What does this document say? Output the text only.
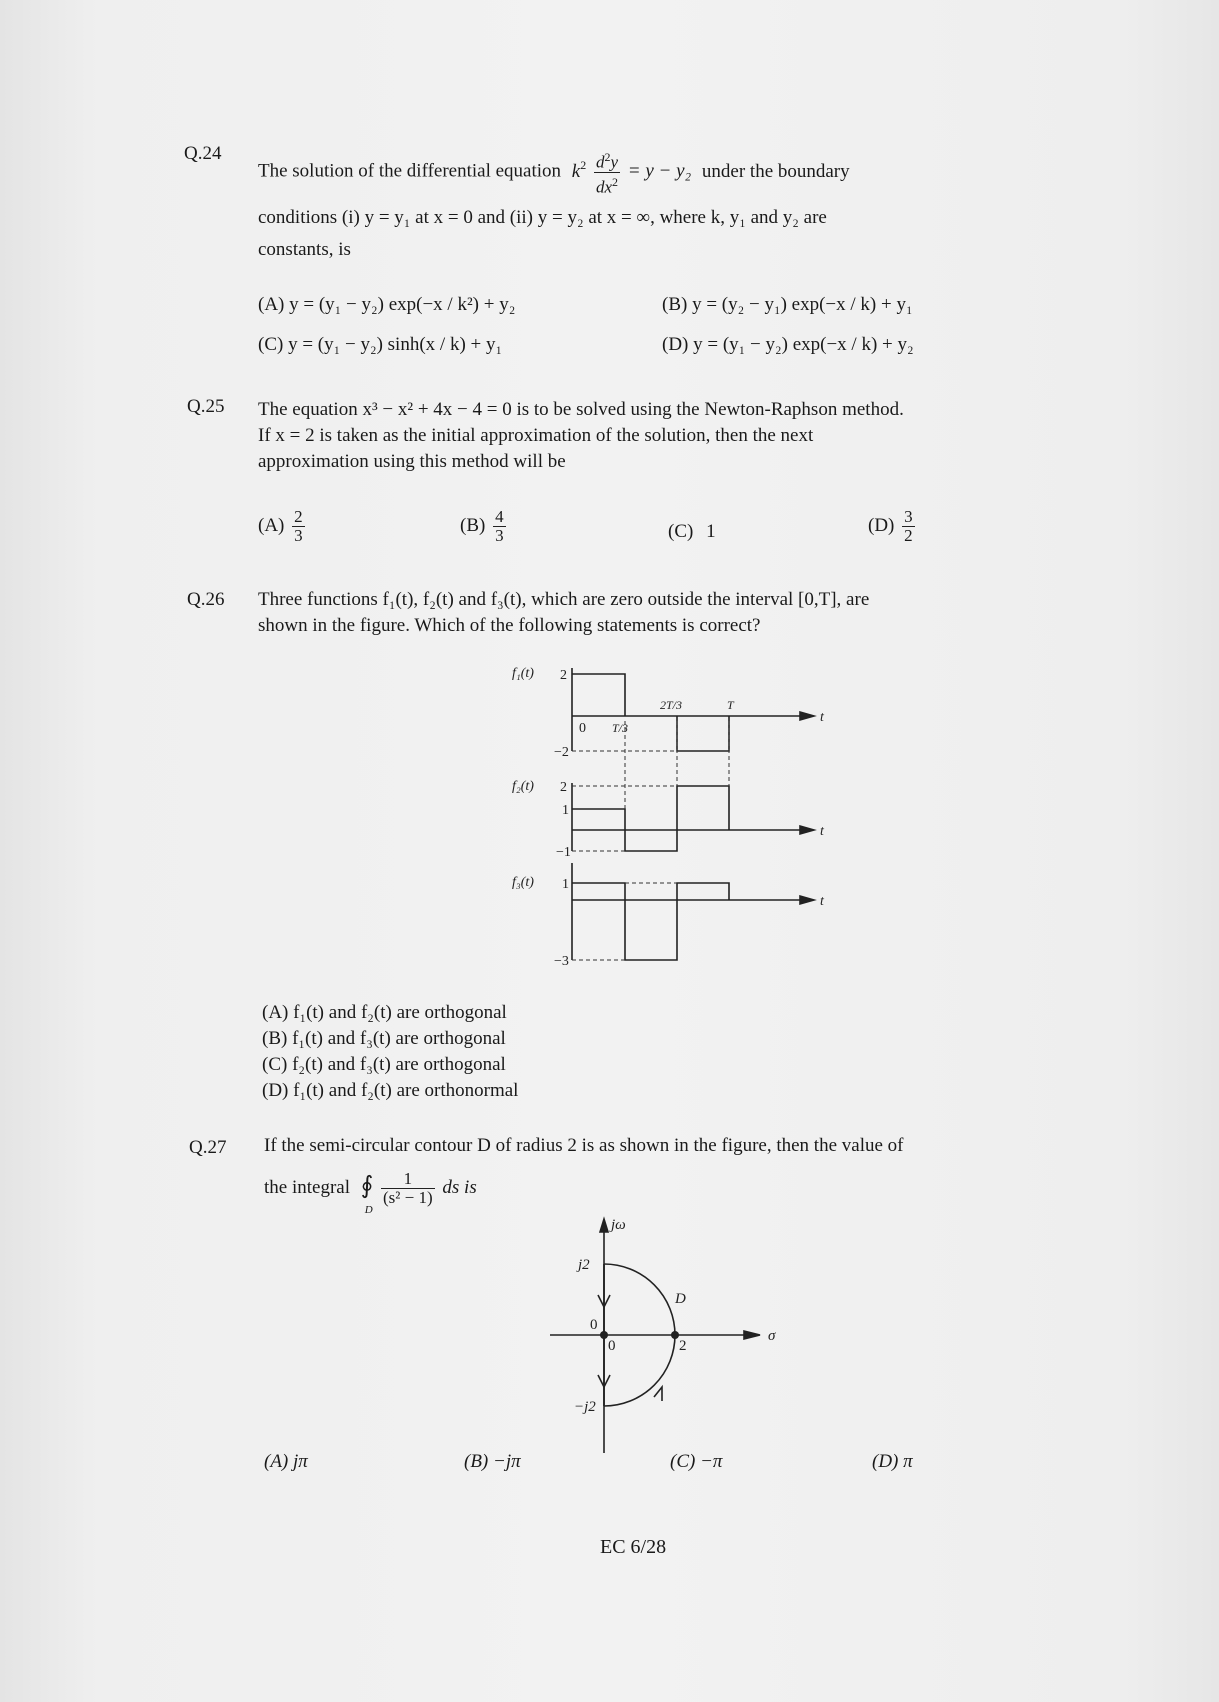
Q.24
The solution of the differential equation $k^2 \frac{d^2y}{dx^2} = y - y_2$ under the boundary
conditions (i) y = y₁ at x = 0 and (ii) y = y₂ at x = ∞, where k, y₁ and y₂ are
constants, is
(A) y = (y₁ − y₂) exp(−x / k²) + y₂	(B) y = (y₂ − y₁) exp(−x / k) + y₁
(C) y = (y₁ − y₂) sinh(x / k) + y₁	(D) y = (y₁ − y₂) exp(−x / k) + y₂
Q.25 The equation x³ − x² + 4x − 4 = 0 is to be solved using the Newton-Raphson method.
If x = 2 is taken as the initial approximation of the solution, then the next
approximation using this method will be
$(A) \frac{2}{3}$	$(B) \frac{4}{3}$	(C) 1	$(D) \frac{3}{2}$
Q.26 Three functions f₁(t), f₂(t) and f₃(t), which are zero outside the interval [0,T], are
shown in the figure. Which of the following statements is correct?
f₁(t)
f₂(t)
f₃(t)
t
t
t
T/3
2T/3	T
0
2
−2
2
1
−1
1
−3
(A) f₁(t) and f₂(t) are orthogonal
(B) f₁(t) and f₃(t) are orthogonal
(C) f₂(t) and f₃(t) are orthogonal
(D) f₁(t) and f₂(t) are orthonormal
Q.27 If the semi-circular contour D of radius 2 is as shown in the figure, then the value of
the integral ∮
D

$\frac{1}{\text{(s² − 1)}}$ ds is
jω
σ
j2
−j2
0
0	2
D
(A) jπ	(B) −jπ	(C) −π	(D) π
EC 6/28
